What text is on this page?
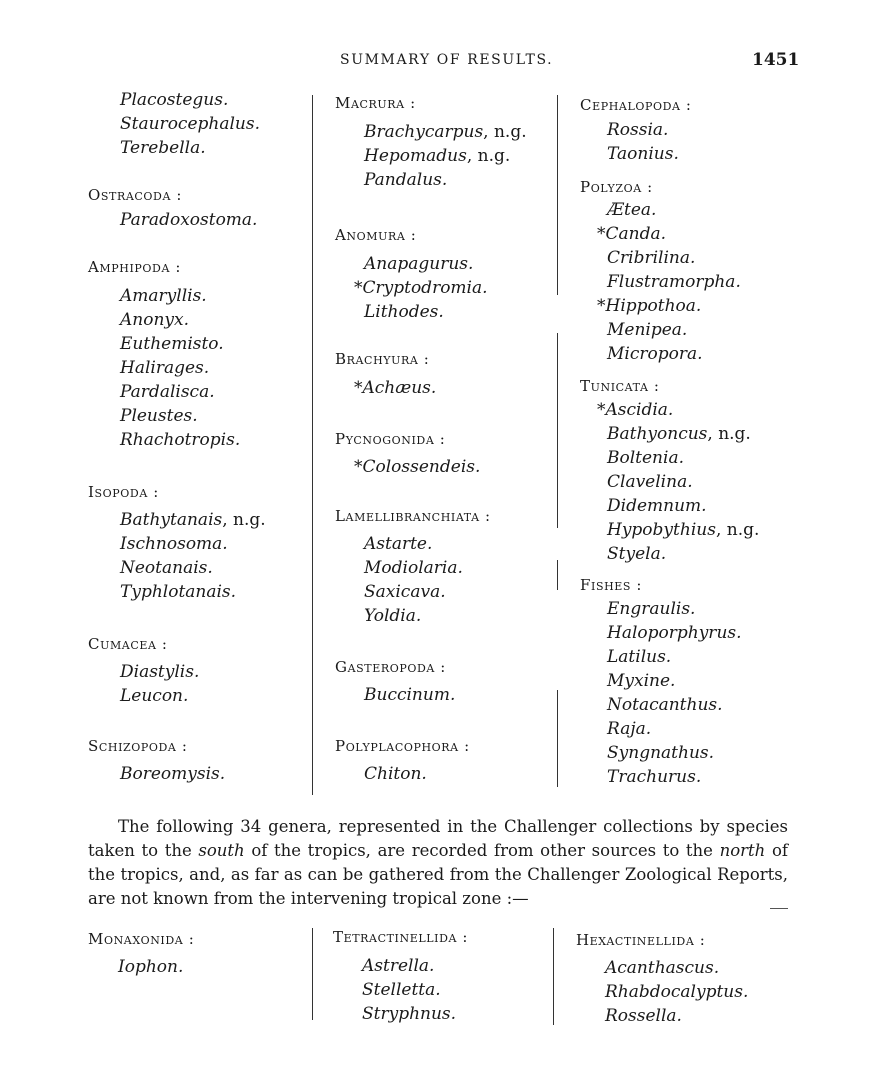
SUMMARY OF RESULTS.	1451
Placostegus.
Staurocephalus.
Terebella.
Ostracoda :
Paradoxostoma.
Amphipoda :
Amaryllis.
Anonyx.
Euthemisto.
Halirages.
Pardalisca.
Pleustes.
Rhachotropis.
Isopoda :
Bathytanais, n.g.
Ischnosoma.
Neotanais.
Typhlotanais.
Cumacea :
Diastylis.
Leucon.
Schizopoda :
Boreomysis.
Macrura :
Brachycarpus, n.g.
Hepomadus, n.g.
Pandalus.
Anomura :
Anapagurus.
*Cryptodromia.
Lithodes.
Brachyura :
*Achæus.
Pycnogonida :
*Colossendeis.
Lamellibranchiata :
Astarte.
Modiolaria.
Saxicava.
Yoldia.
Gasteropoda :
Buccinum.
Polyplacophora :
Chiton.
Cephalopoda :
Rossia.
Taonius.
Polyzoa :
Ætea.
*Canda.
Cribrilina.
Flustramorpha.
*Hippothoa.
Menipea.
Micropora.
Tunicata :
*Ascidia.
Bathyoncus, n.g.
Boltenia.
Clavelina.
Didemnum.
Hypobythius, n.g.
Styela.
Fishes :
Engraulis.
Haloporphyrus.
Latilus.
Myxine.
Notacanthus.
Raja.
Syngnathus.
Trachurus.

The following 34 genera, represented in the Challenger collections by species taken to the south of the tropics, are recorded from other sources to the north of the tropics, and, as far as can be gathered from the Challenger Zoological Reports, are not known from the intervening tropical zone :—

Monaxonida :
Iophon.
Tetractinellida :
Astrella.
Stelletta.
Stryphnus.
Hexactinellida :
Acanthascus.
Rhabdocalyptus.
Rossella.
